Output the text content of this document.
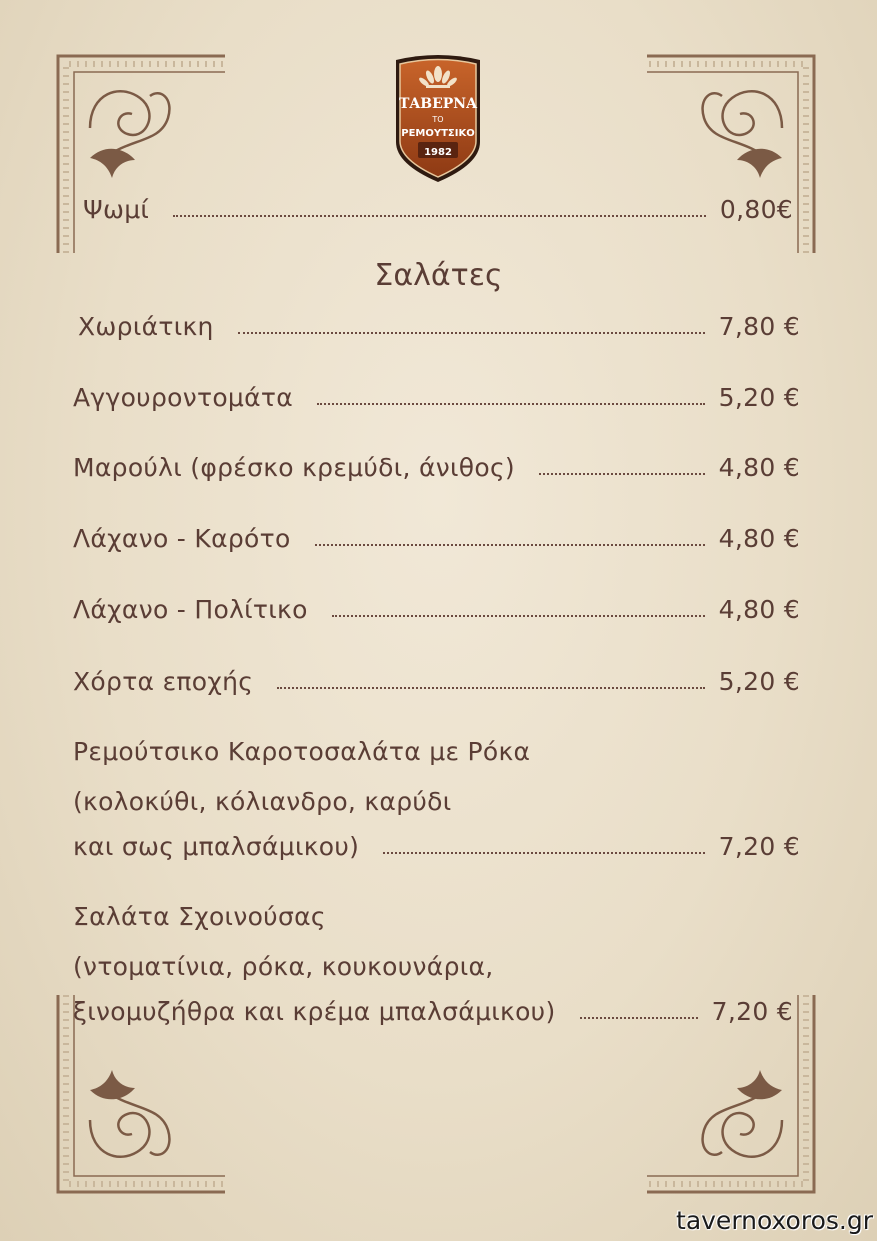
ΤΑΒΕΡΝΑ
ΤΟ
ΡΕΜΟΥΤΣΙΚΟ
1982
Ψωμί	0,80€
Σαλάτες
Χωριάτικη	7,80 €
Αγγουροντομάτα	5,20 €
Μαρούλι (φρέσκο κρεμύδι, άνιθος)	4,80 €
Λάχανο - Καρότο	4,80 €
Λάχανο - Πολίτικο	4,80 €
Χόρτα εποχής	5,20 €
Ρεμούτσικο Καροτοσαλάτα με Ρόκα
(κολοκύθι, κόλιανδρο, καρύδι
και σως μπαλσάμικου)	7,20 €
Σαλάτα Σχοινούσας
(ντοματίνια, ρόκα, κουκουνάρια,
ξινομυζήθρα και κρέμα μπαλσάμικου)	7,20 €
tavernoxoros.gr
